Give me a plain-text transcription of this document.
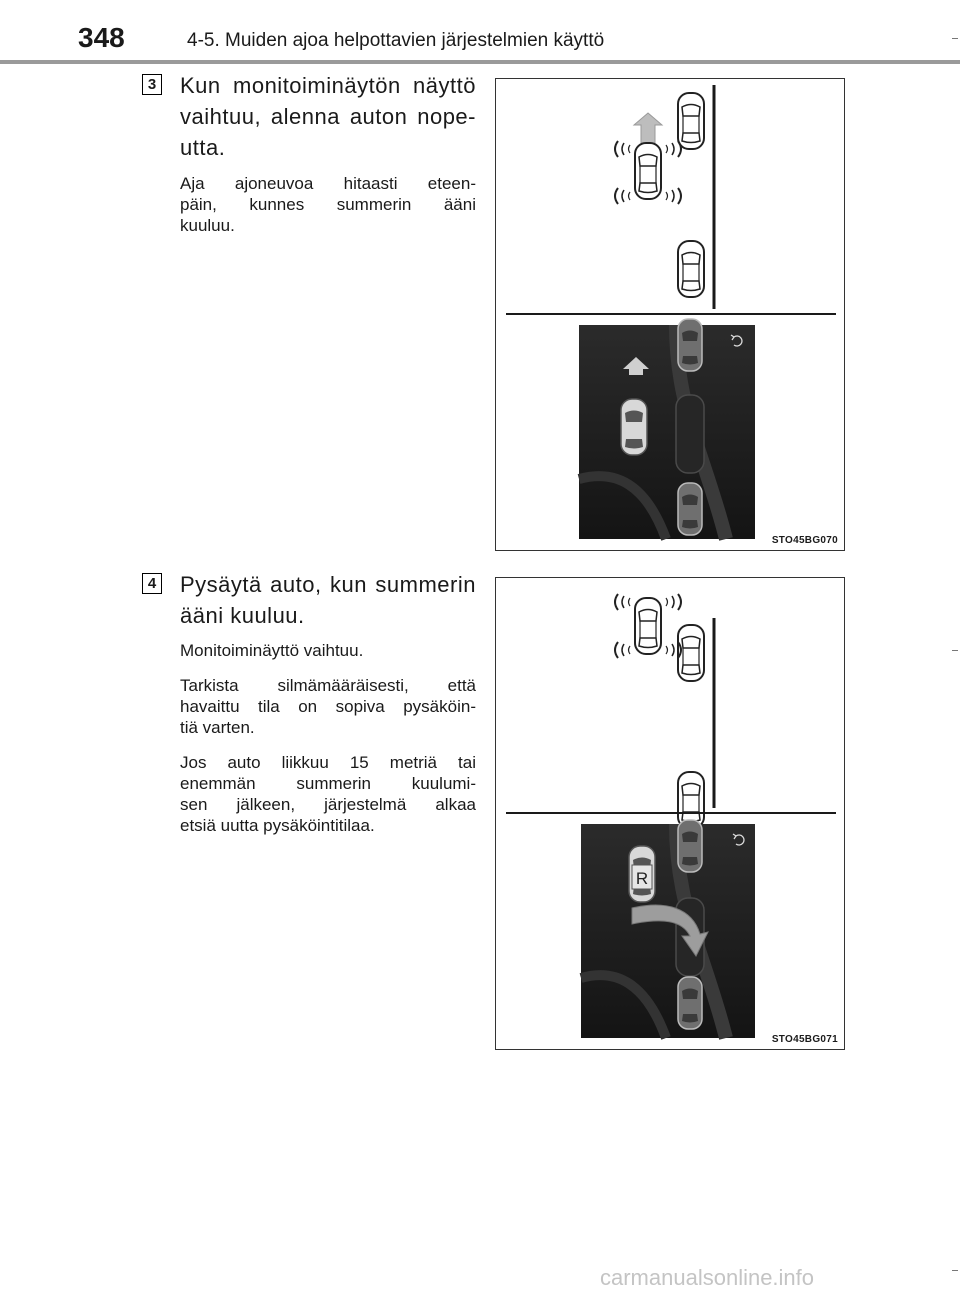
348	4-5. Muiden ajoa helpottavien järjestelmien käyttö
3 Kun monitoiminäytön näyttö
vaihtuu, alenna auton nope-
utta.
Aja ajoneuvoa hitaasti eteen-
päin, kunnes summerin ääni
kuuluu.
STO45BG070
4 Pysäytä auto, kun summerin
ääni kuuluu.
Monitoiminäyttö vaihtuu.
Tarkista silmämääräisesti, että
havaittu tila on sopiva pysäköin-
tiä varten.
Jos auto liikkuu 15 metriä tai
enemmän summerin kuulumi-
sen jälkeen, järjestelmä alkaa
etsiä uutta pysäköintitilaa.
R
STO45BG071
carmanualsonline.info
